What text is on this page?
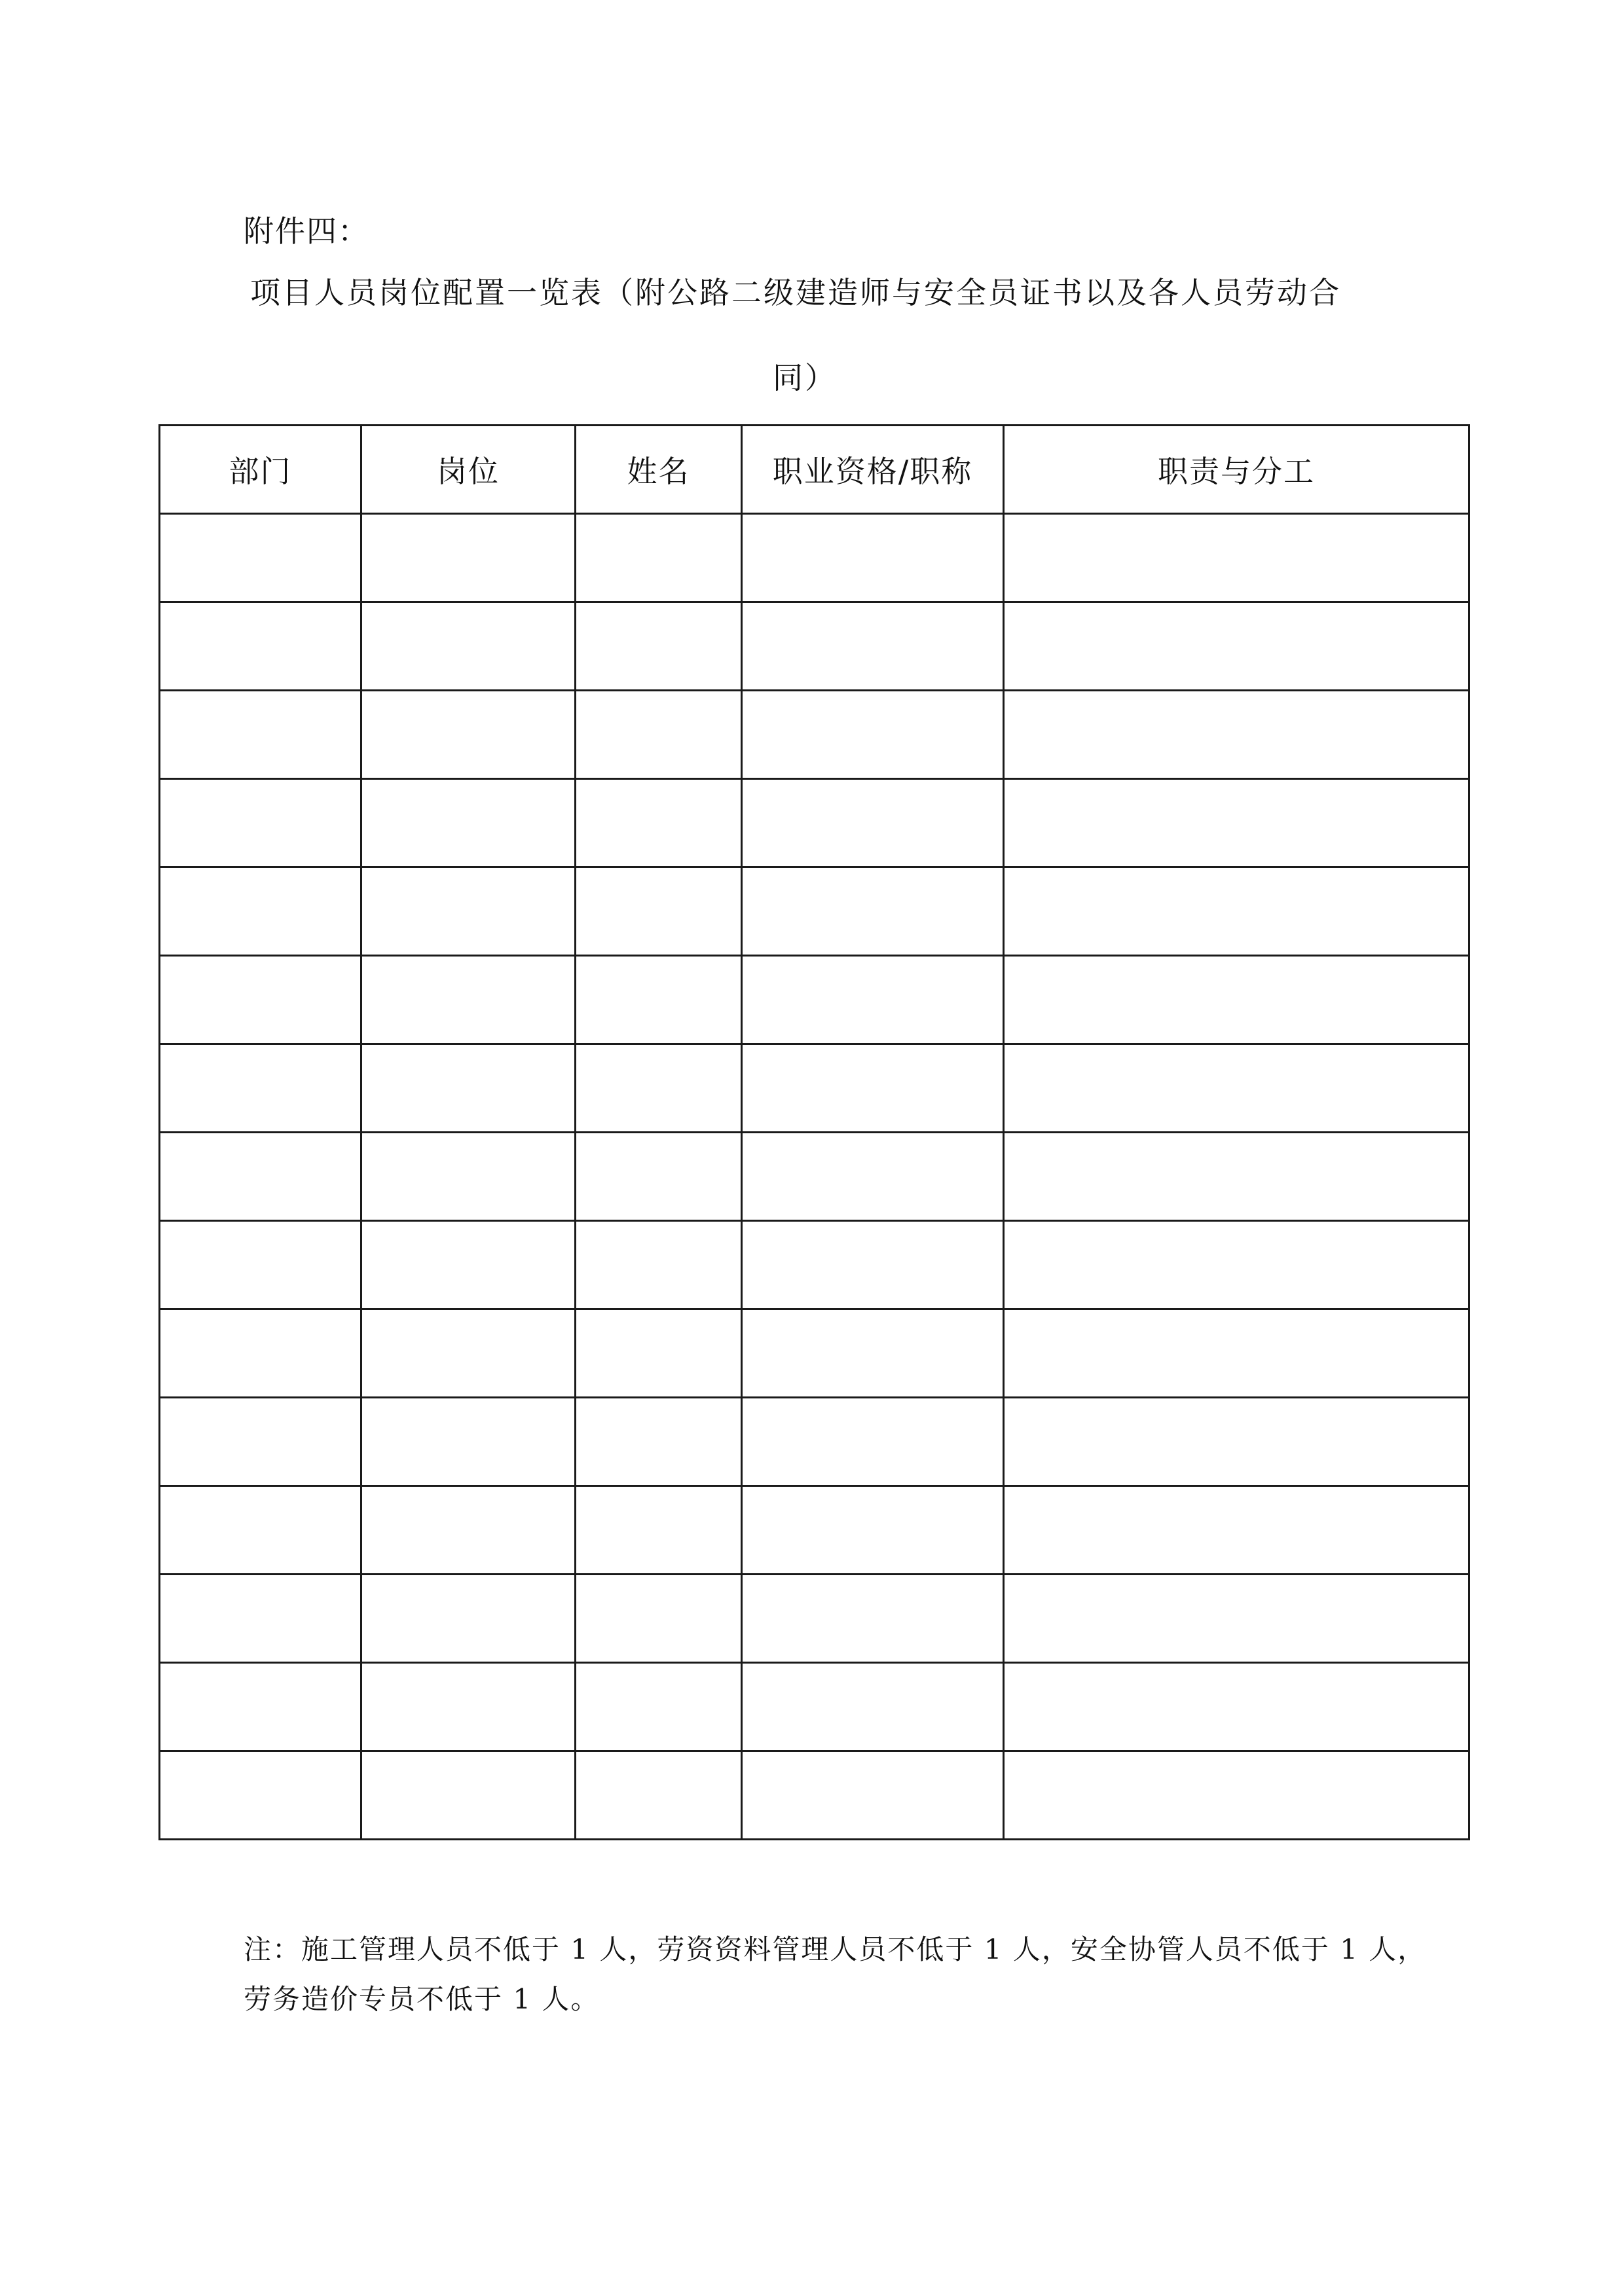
附件四：
项目人员岗位配置一览表（附公路二级建造师与安全员证书以及各人员劳动合
同）
部门	岗位	姓名	职业资格/职称	职责与分工

注：施工管理人员不低于 1 人，劳资资料管理人员不低于 1 人，安全协管人员不低于 1 人，
劳务造价专员不低于 1 人。
